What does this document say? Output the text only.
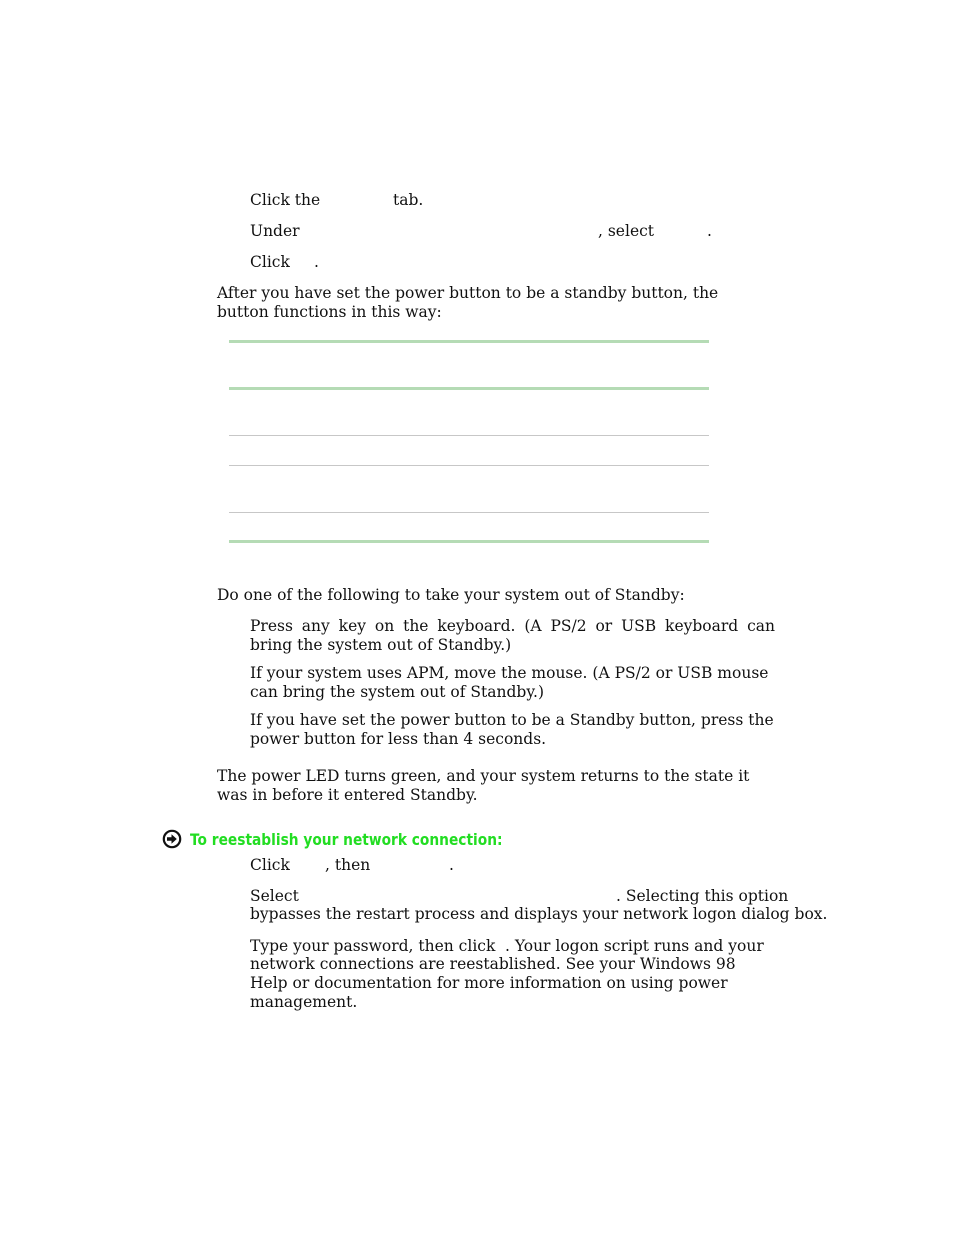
Click the	tab.
Under	, select	.
Click .
After you have set the power button to be a standby button, the button functions in this way:
Do one of the following to take your system out of Standby:
Press any key on the keyboard. (A PS/2 or USB keyboard can bring the system out of Standby.)
If your system uses APM, move the mouse. (A PS/2 or USB mouse can bring the system out of Standby.)
If you have set the power button to be a Standby button, press the power button for less than 4 seconds.
The power LED turns green, and your system returns to the state it was in before it entered Standby.
To reestablish your network connection:
Click , then	.
Select	. Selecting this option
bypasses the restart process and displays your network logon dialog box.
Type your password, then click . Your logon script runs and your
network connections are reestablished. See your Windows 98 Help or documentation for more information on using power management.
